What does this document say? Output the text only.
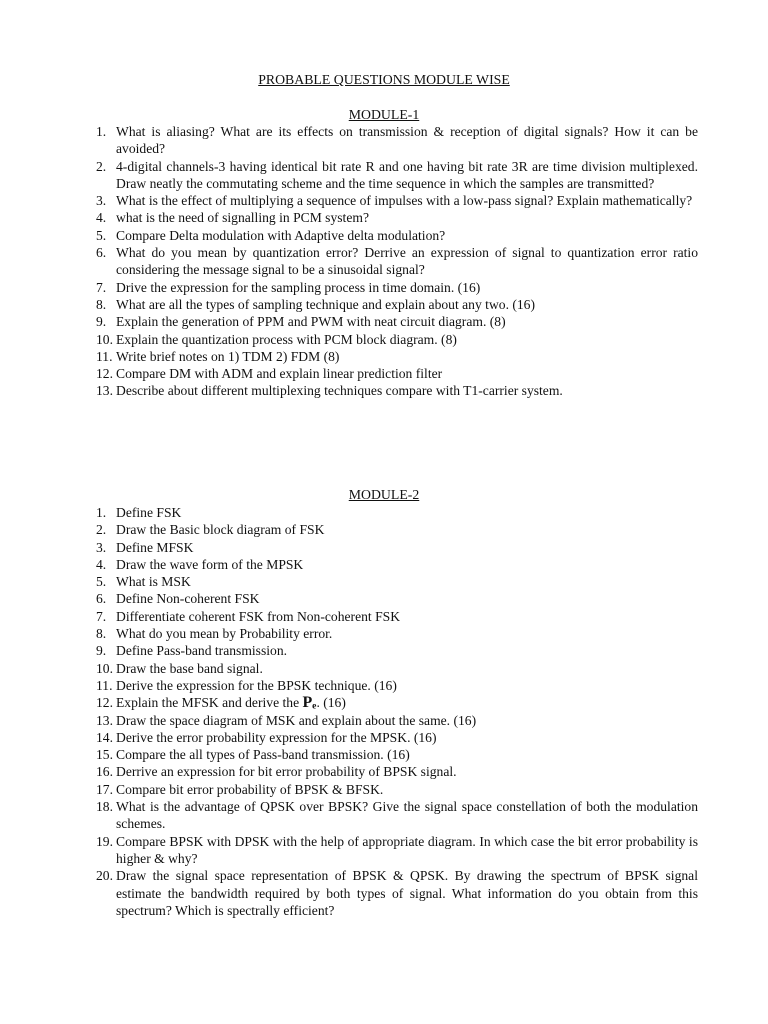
PROBABLE QUESTIONS MODULE WISE
MODULE-1
1. What is aliasing? What are its effects on transmission & reception of digital signals? How it can be avoided?
2. 4-digital channels-3 having identical bit rate R and one having bit rate 3R are time division multiplexed. Draw neatly the commutating scheme and the time sequence in which the samples are transmitted?
3. What is the effect of multiplying a sequence of impulses with a low-pass signal? Explain mathematically?
4. what is the need of signalling in PCM system?
5. Compare Delta modulation with Adaptive delta modulation?
6. What do you mean by quantization error? Derrive an expression of signal to quantization error ratio considering the message signal to be a sinusoidal signal?
7. Drive the expression for the sampling process in time domain. (16)
8. What are all the types of sampling technique and explain about any two. (16)
9. Explain the generation of PPM and PWM with neat circuit diagram. (8)
10. Explain the quantization process with PCM block diagram. (8)
11. Write brief notes on 1) TDM 2) FDM (8)
12. Compare DM with ADM and explain linear prediction filter
13. Describe about different multiplexing techniques compare with T1-carrier system.
MODULE-2
1. Define FSK
2. Draw the Basic block diagram of FSK
3. Define MFSK
4. Draw the wave form of the MPSK
5. What is MSK
6. Define Non-coherent FSK
7. Differentiate coherent FSK from Non-coherent FSK
8. What do you mean by Probability error.
9. Define Pass-band transmission.
10. Draw the base band signal.
11. Derive the expression for the BPSK technique. (16)
12. Explain the MFSK and derive the Pₑ. (16)
13. Draw the space diagram of MSK and explain about the same. (16)
14. Derive the error probability expression for the MPSK. (16)
15. Compare the all types of Pass-band transmission. (16)
16. Derrive an expression for bit error probability of BPSK signal.
17. Compare bit error probability of BPSK & BFSK.
18. What is the advantage of QPSK over BPSK? Give the signal space constellation of both the modulation schemes.
19. Compare BPSK with DPSK with the help of appropriate diagram. In which case the bit error probability is higher & why?
20. Draw the signal space representation of BPSK & QPSK. By drawing the spectrum of BPSK signal estimate the bandwidth required by both types of signal. What information do you obtain from this spectrum? Which is spectrally efficient?
